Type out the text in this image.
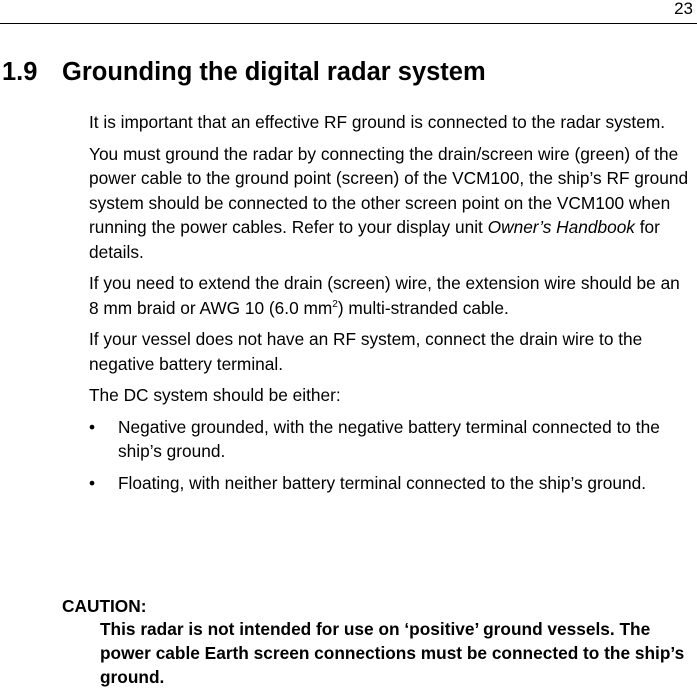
23
1.9 Grounding the digital radar system

It is important that an effective RF ground is connected to the radar system.

You must ground the radar by connecting the drain/screen wire (green) of the power cable to the ground point (screen) of the VCM100, the ship’s RF ground system should be connected to the other screen point on the VCM100 when running the power cables. Refer to your display unit Owner’s Handbook for details.

If you need to extend the drain (screen) wire, the extension wire should be an 8 mm braid or AWG 10 (6.0 $mm^2$) multi-stranded cable.

If your vessel does not have an RF system, connect the drain wire to the negative battery terminal.

The DC system should be either:

• Negative grounded, with the negative battery terminal connected to the ship’s ground.
• Floating, with neither battery terminal connected to the ship’s ground.
CAUTION:
This radar is not intended for use on ‘positive’ ground vessels. The power cable Earth screen connections must be connected to the ship’s ground.
